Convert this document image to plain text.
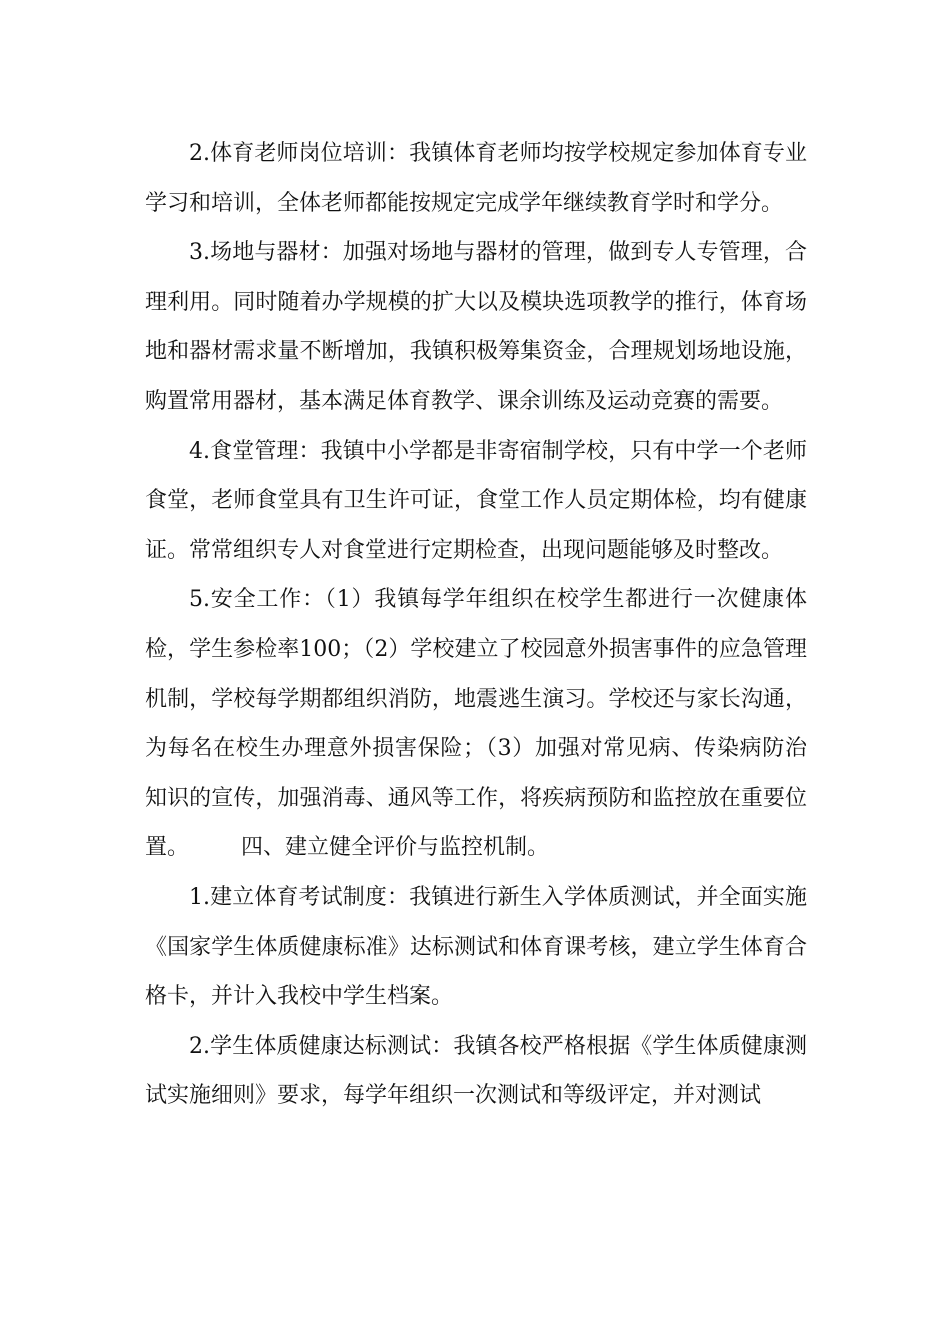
2.体育老师岗位培训：我镇体育老师均按学校规定参加体育专业学习和培训，全体老师都能按规定完成学年继续教育学时和学分。

3.场地与器材：加强对场地与器材的管理，做到专人专管理，合理利用。同时随着办学规模的扩大以及模块选项教学的推行，体育场地和器材需求量不断增加，我镇积极筹集资金，合理规划场地设施，购置常用器材，基本满足体育教学、课余训练及运动竞赛的需要。

4.食堂管理：我镇中小学都是非寄宿制学校，只有中学一个老师食堂，老师食堂具有卫生许可证，食堂工作人员定期体检，均有健康证。常常组织专人对食堂进行定期检查，出现问题能够及时整改。

5.安全工作：（1）我镇每学年组织在校学生都进行一次健康体检，学生参检率100；（2）学校建立了校园意外损害事件的应急管理机制，学校每学期都组织消防，地震逃生演习。学校还与家长沟通，为每名在校生办理意外损害保险；（3）加强对常见病、传染病防治知识的宣传，加强消毒、通风等工作，将疾病预防和监控放在重要位置。 四、建立健全评价与监控机制。

1.建立体育考试制度：我镇进行新生入学体质测试，并全面实施《国家学生体质健康标准》达标测试和体育课考核，建立学生体育合格卡，并计入我校中学生档案。

2.学生体质健康达标测试：我镇各校严格根据《学生体质健康测试实施细则》要求，每学年组织一次测试和等级评定，并对测试
